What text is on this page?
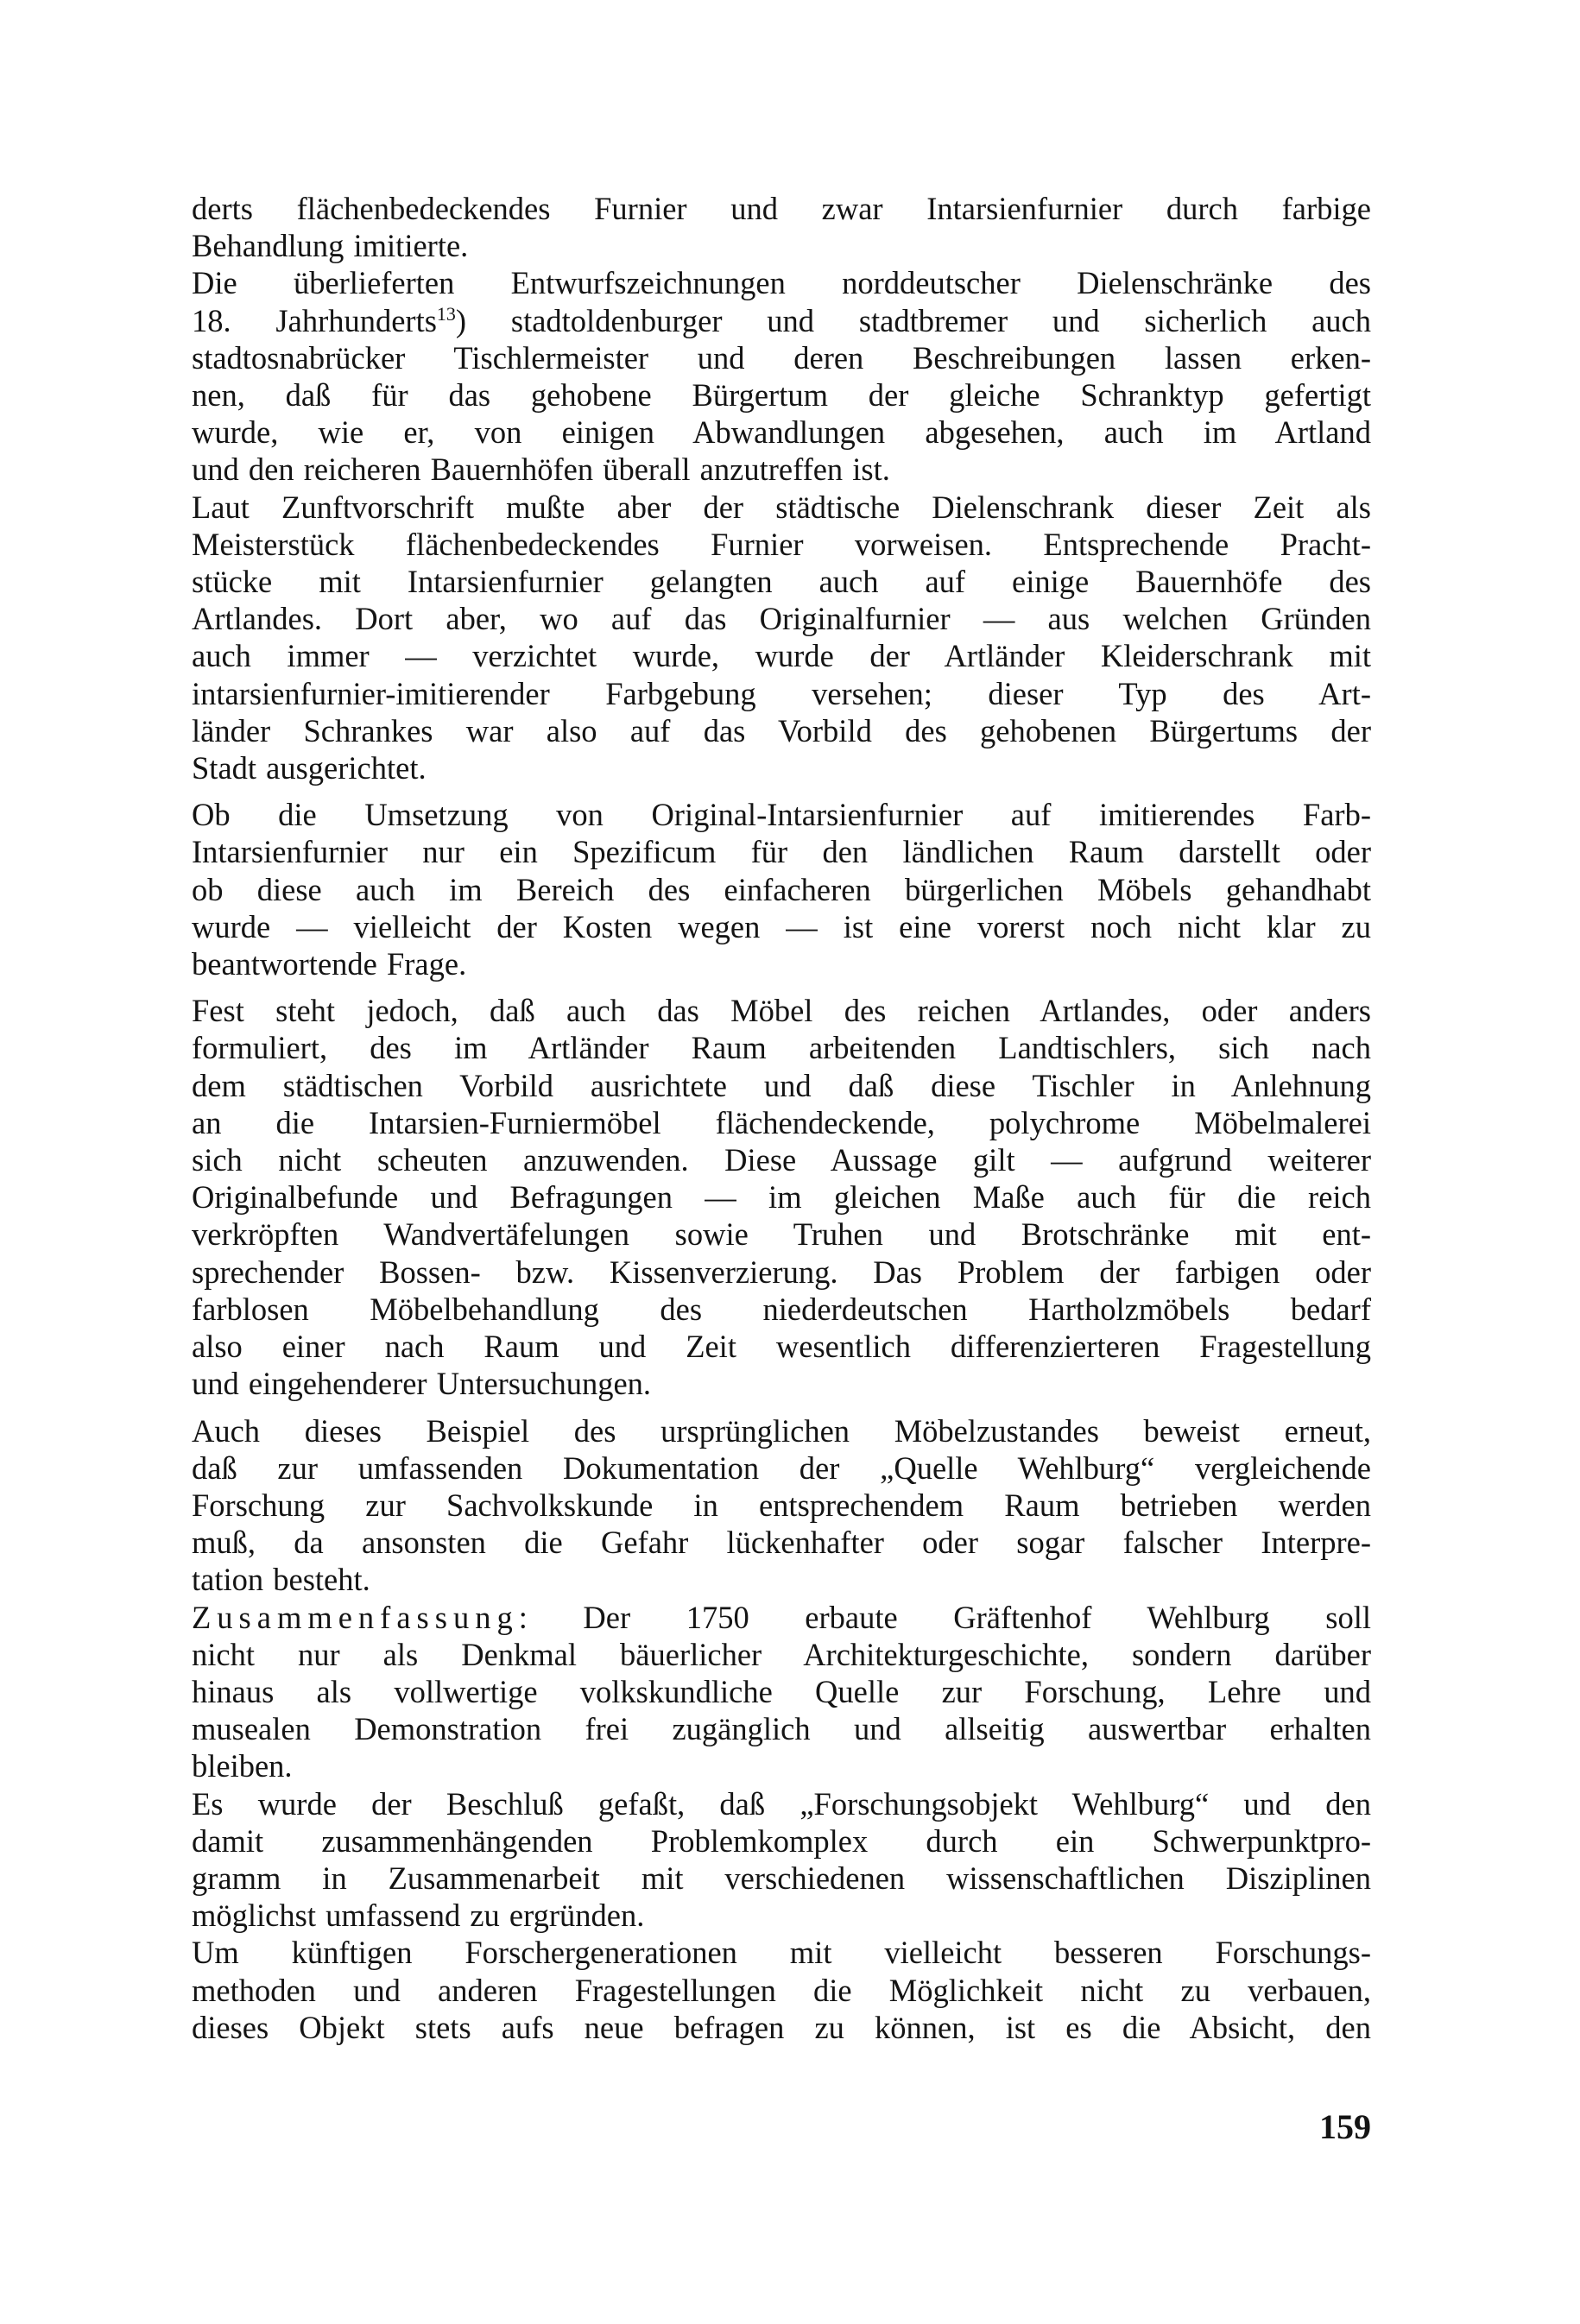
derts flächenbedeckendes Furnier und zwar Intarsienfurnier durch farbige
Behandlung imitierte.

Die überlieferten Entwurfszeichnungen norddeutscher Dielenschränke des
18. Jahrhunderts$^{13}$) stadtoldenburger und stadtbremer und sicherlich auch
stadtosnabrücker Tischlermeister und deren Beschreibungen lassen erken-
nen, daß für das gehobene Bürgertum der gleiche Schranktyp gefertigt
wurde, wie er, von einigen Abwandlungen abgesehen, auch im Artland
und den reicheren Bauernhöfen überall anzutreffen ist.

Laut Zunftvorschrift mußte aber der städtische Dielenschrank dieser Zeit als
Meisterstück flächenbedeckendes Furnier vorweisen. Entsprechende Pracht-
stücke mit Intarsienfurnier gelangten auch auf einige Bauernhöfe des
Artlandes. Dort aber, wo auf das Originalfurnier — aus welchen Gründen
auch immer — verzichtet wurde, wurde der Artländer Kleiderschrank mit
intarsienfurnier-imitierender Farbgebung versehen; dieser Typ des Art-
länder Schrankes war also auf das Vorbild des gehobenen Bürgertums der
Stadt ausgerichtet.

Ob die Umsetzung von Original-Intarsienfurnier auf imitierendes Farb-
Intarsienfurnier nur ein Spezificum für den ländlichen Raum darstellt oder
ob diese auch im Bereich des einfacheren bürgerlichen Möbels gehandhabt
wurde — vielleicht der Kosten wegen — ist eine vorerst noch nicht klar zu
beantwortende Frage.

Fest steht jedoch, daß auch das Möbel des reichen Artlandes, oder anders
formuliert, des im Artländer Raum arbeitenden Landtischlers, sich nach
dem städtischen Vorbild ausrichtete und daß diese Tischler in Anlehnung
an die Intarsien-Furniermöbel flächendeckende, polychrome Möbelmalerei
sich nicht scheuten anzuwenden. Diese Aussage gilt — aufgrund weiterer
Originalbefunde und Befragungen — im gleichen Maße auch für die reich
verkröpften Wandvertäfelungen sowie Truhen und Brotschränke mit ent-
sprechender Bossen- bzw. Kissenverzierung. Das Problem der farbigen oder
farblosen Möbelbehandlung des niederdeutschen Hartholzmöbels bedarf
also einer nach Raum und Zeit wesentlich differenzierteren Fragestellung
und eingehenderer Untersuchungen.

Auch dieses Beispiel des ursprünglichen Möbelzustandes beweist erneut,
daß zur umfassenden Dokumentation der „Quelle Wehlburg“ vergleichende
Forschung zur Sachvolkskunde in entsprechendem Raum betrieben werden
muß, da ansonsten die Gefahr lückenhafter oder sogar falscher Interpre-
tation besteht.

Zusammenfassung: Der 1750 erbaute Gräftenhof Wehlburg soll
nicht nur als Denkmal bäuerlicher Architekturgeschichte, sondern darüber
hinaus als vollwertige volkskundliche Quelle zur Forschung, Lehre und
musealen Demonstration frei zugänglich und allseitig auswertbar erhalten
bleiben.

Es wurde der Beschluß gefaßt, daß „Forschungsobjekt Wehlburg“ und den
damit zusammenhängenden Problemkomplex durch ein Schwerpunktpro-
gramm in Zusammenarbeit mit verschiedenen wissenschaftlichen Disziplinen
möglichst umfassend zu ergründen.

Um künftigen Forschergenerationen mit vielleicht besseren Forschungs-
methoden und anderen Fragestellungen die Möglichkeit nicht zu verbauen,
dieses Objekt stets aufs neue befragen zu können, ist es die Absicht, den

159
